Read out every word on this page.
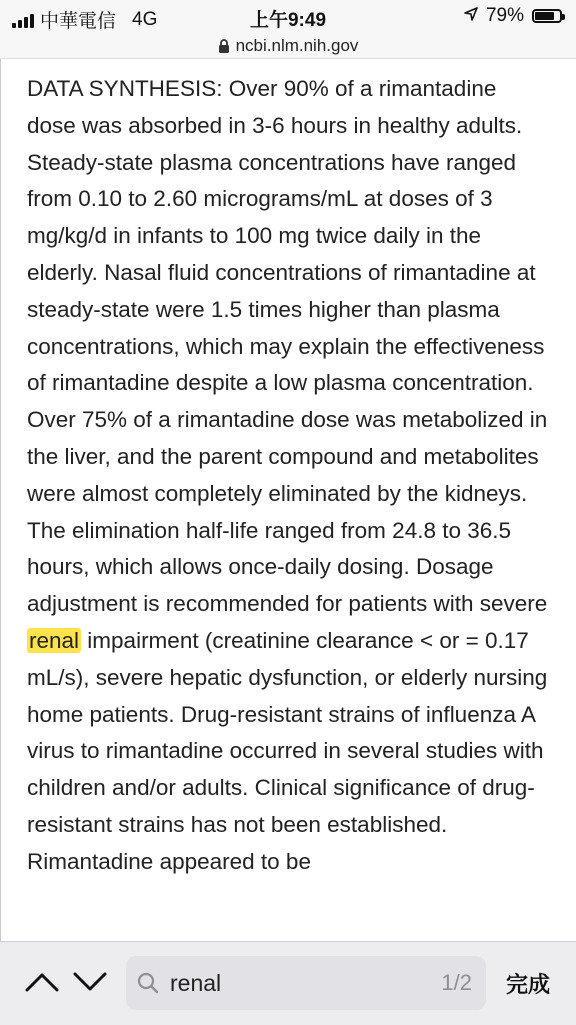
中華電信 4G	上午9:49	79%
ncbi.nlm.nih.gov

DATA SYNTHESIS: Over 90% of a rimantadine dose was absorbed in 3-6 hours in healthy adults. Steady-state plasma concentrations have ranged from 0.10 to 2.60 micrograms/mL at doses of 3 mg/kg/d in infants to 100 mg twice daily in the elderly. Nasal fluid concentrations of rimantadine at steady-state were 1.5 times higher than plasma concentrations, which may explain the effectiveness of rimantadine despite a low plasma concentration. Over 75% of a rimantadine dose was metabolized in the liver, and the parent compound and metabolites were almost completely eliminated by the kidneys. The elimination half-life ranged from 24.8 to 36.5 hours, which allows once-daily dosing. Dosage adjustment is recommended for patients with severe renal impairment (creatinine clearance < or = 0.17 mL/s), severe hepatic dysfunction, or elderly nursing home patients. Drug-resistant strains of influenza A virus to rimantadine occurred in several studies with children and/or adults. Clinical significance of drug-resistant strains has not been established. Rimantadine appeared to be

renal
1/2 完成
